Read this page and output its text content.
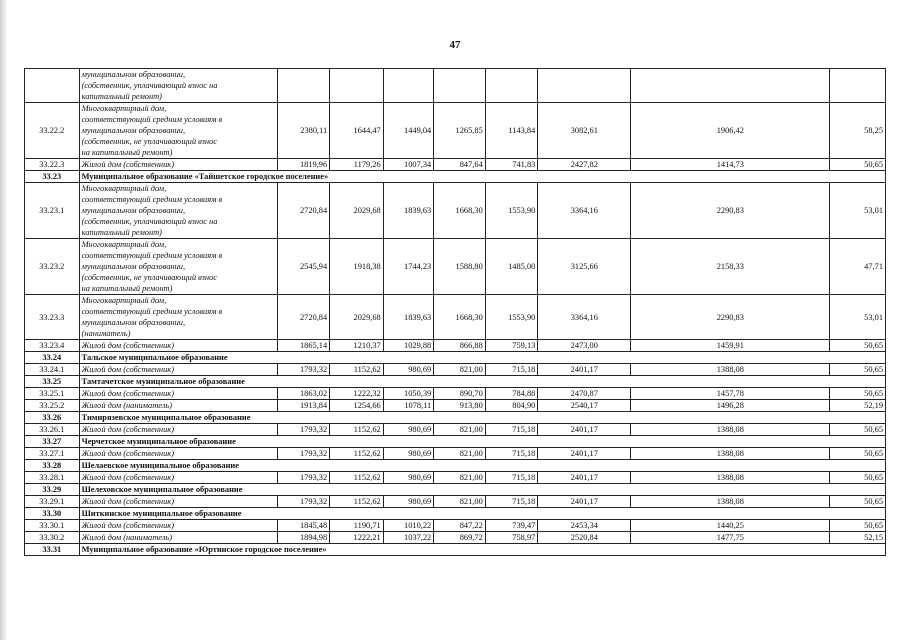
47

	муниципальном образовании,
(собственник, уплачивающий взнос на
капитальный ремонт)								

33.22.2	Многоквартирный дом,
соответствующий средним условиям в
муниципальном образовании,
(собственник, не уплачивающий взнос
на капитальный ремонт)	2380,11	1644,47	1449,04	1265,85	1143,84	3082,61	1906,42	58,25
33.22.3	Жилой дом (собственник)	1819,96	1179,26	1007,34	847,64	741,83	2427,82	1414,73	50,65
33.23	Муниципальное образование «Тайшетское городское поселение»								
33.23.1	Многоквартирный дом,
соответствующий средним условиям в
муниципальном образовании,
(собственник, уплачивающий взнос на
капитальный ремонт)	2720,84	2029,68	1839,63	1668,30	1553,90	3364,16	2290,83	53,01
33.23.2	Многоквартирный дом,
соответствующий средним условиям в
муниципальном образовании,
(собственник, не уплачивающий взнос
на капитальный ремонт)	2545,94	1918,38	1744,23	1588,80	1485,00	3125,66	2158,33	47,71
33.23.3	Многоквартирный дом,
соответствующий средним условиям в
муниципальном образовании,
(наниматель)	2720,84	2029,68	1839,63	1668,30	1553,90	3364,16	2290,83	53,01
33.23.4	Жилой дом (собственник)	1865,14	1210,37	1029,88	866,88	759,13	2473,00	1459,91	50,65
33.24	Тальское муниципальное образование								
33.24.1	Жилой дом (собственник)	1793,32	1152,62	980,69	821,00	715,18	2401,17	1388,08	50,65
33.25	Тамтачетское муниципальное образование								
33.25.1	Жилой дом (собственник)	1863,02	1222,32	1050,39	890,70	784,88	2470,87	1457,78	50,65
33.25.2	Жилой дом (наниматель)	1913,84	1254,66	1078,11	913,80	804,90	2540,17	1496,28	52,19
33.26	Тимирязевское муниципальное образование								
33.26.1	Жилой дом (собственник)	1793,32	1152,62	980,69	821,00	715,18	2401,17	1388,08	50,65
33.27	Черчетское муниципальное образование								
33.27.1	Жилой дом (собственник)	1793,32	1152,62	980,69	821,00	715,18	2401,17	1388,08	50,65
33.28	Шелаевское муниципальное образование								
33.28.1	Жилой дом (собственник)	1793,32	1152,62	980,69	821,00	715,18	2401,17	1388,08	50,65
33.29	Шелеховское муниципальное образование								
33.29.1	Жилой дом (собственник)	1793,32	1152,62	980,69	821,00	715,18	2401,17	1388,08	50,65
33.30	Шиткинское муниципальное образование								
33.30.1	Жилой дом (собственник)	1845,48	1190,71	1010,22	847,22	739,47	2453,34	1440,25	50,65
33.30.2	Жилой дом (наниматель)	1894,98	1222,21	1037,22	869,72	758,97	2520,84	1477,75	52,15
33.31	Муниципальное образование «Юртинское городское поселение»								
